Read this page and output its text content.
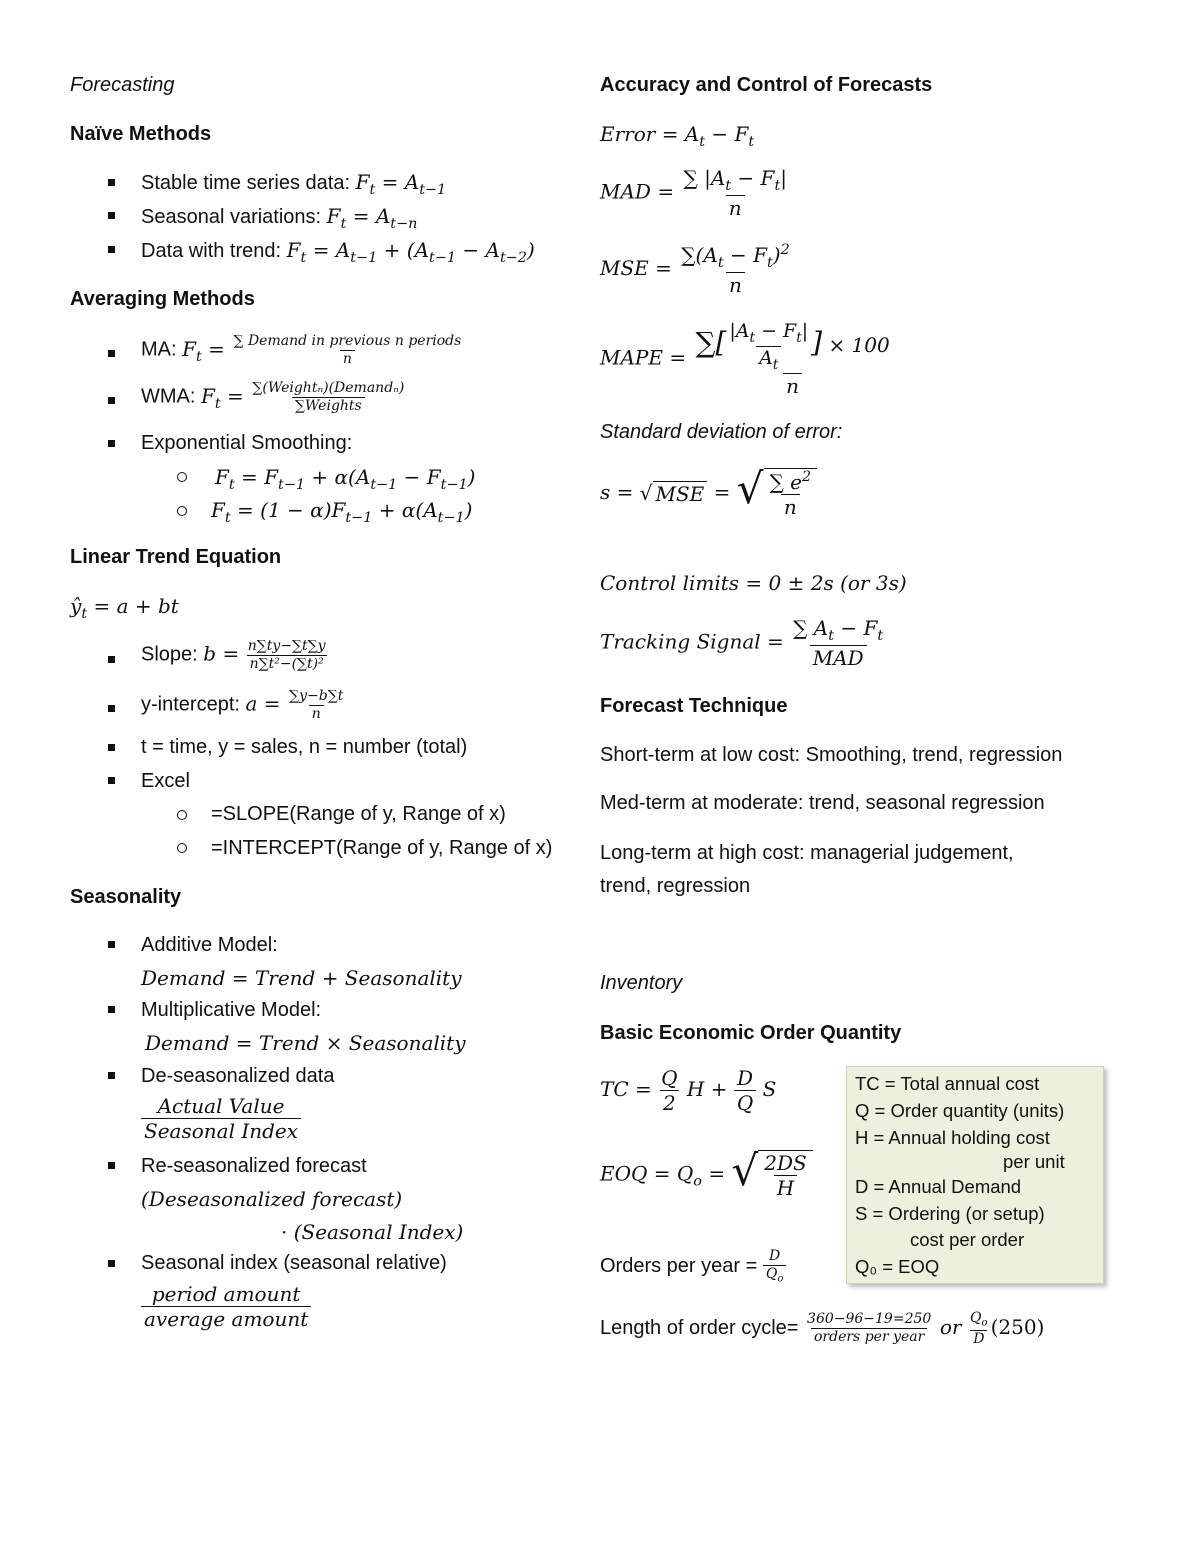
Forecasting
Naïve Methods
Stable time series data: $F_t = A_{t-1}$
Seasonal variations: $F_t = A_{t-n}$
Data with trend: $F_t = A_{t-1} + (A_{t-1} - A_{t-2})$
Averaging Methods
MA: $F_t = \frac{\text{∑ Demand in previous n periods}}{n}$
WMA: $F_t = \frac{\text{∑(Weightₙ)(Demandₙ)}}{\text{∑Weights}}$
Exponential Smoothing:
$F_t = F_{t-1} + \alpha(A_{t-1} - F_{t-1})$
$F_t = (1 - \alpha)F_{t-1} + \alpha(A_{t-1})$
Linear Trend Equation
$ŷ_t = a$ + bt
Slope: $b = \frac{n\sum ty-\sum t\sum y}{\text{n∑t²−(∑t)²}}$
y-intercept: $a = \frac{\sum y-b\sum t}{n}$
t = time, y = sales, n = number (total)
Excel
=SLOPE(Range of y, Range of x)
=INTERCEPT(Range of y, Range of x)
Seasonality
Additive Model:
Demand = Trend + Seasonality
Multiplicative Model:
Demand = Trend × Seasonality
De-seasonalized data
$\frac{\text{Actual Value}}{\text{Seasonal Index}}$
Re-seasonalized forecast
(Deseasonalized forecast)
· (Seasonal Index)
Seasonal index (seasonal relative)
$\frac{\text{period amount}}{\text{average amount}}$
Accuracy and Control of Forecasts
Error = $A_t - F_t$
MAD = $\frac{\sum |A_t - F_t|}{n}$
MSE = $\frac{\sum(A_t - F_t)^2}{n}$
MAPE = $\frac{\sum[ \frac{|A_t - F_t|}{A_t} ] \times 100}{n}$
Standard deviation of error:
s = √ MSE = √ $\frac{\sum e^2}{n}$
Control limits = 0 ± 2s (or 3s)
Tracking Signal = $\frac{\sum A_t - F_t}{\text{MAD}}$
Forecast Technique
Short-term at low cost: Smoothing, trend, regression
Med-term at moderate: trend, seasonal regression
Long-term at high cost: managerial judgement,
trend, regression
Inventory
Basic Economic Order Quantity
TC = $\frac{Q}{2}$ $H + \frac{D}{Q}$ S
EOQ = $Q_o$ = √ $\frac{2DS}{H}$
Orders per year = $\frac{D}{Q_o}$
Length of order cycle= $\frac{360-96-19=250}{\text{orders per year}}$ or $\frac{Q_o}{D} (250)$
TC = Total annual cost
Q = Order quantity (units)
H = Annual holding cost
per unit
D = Annual Demand
S = Ordering (or setup)
cost per order
Q₀ = EOQ
